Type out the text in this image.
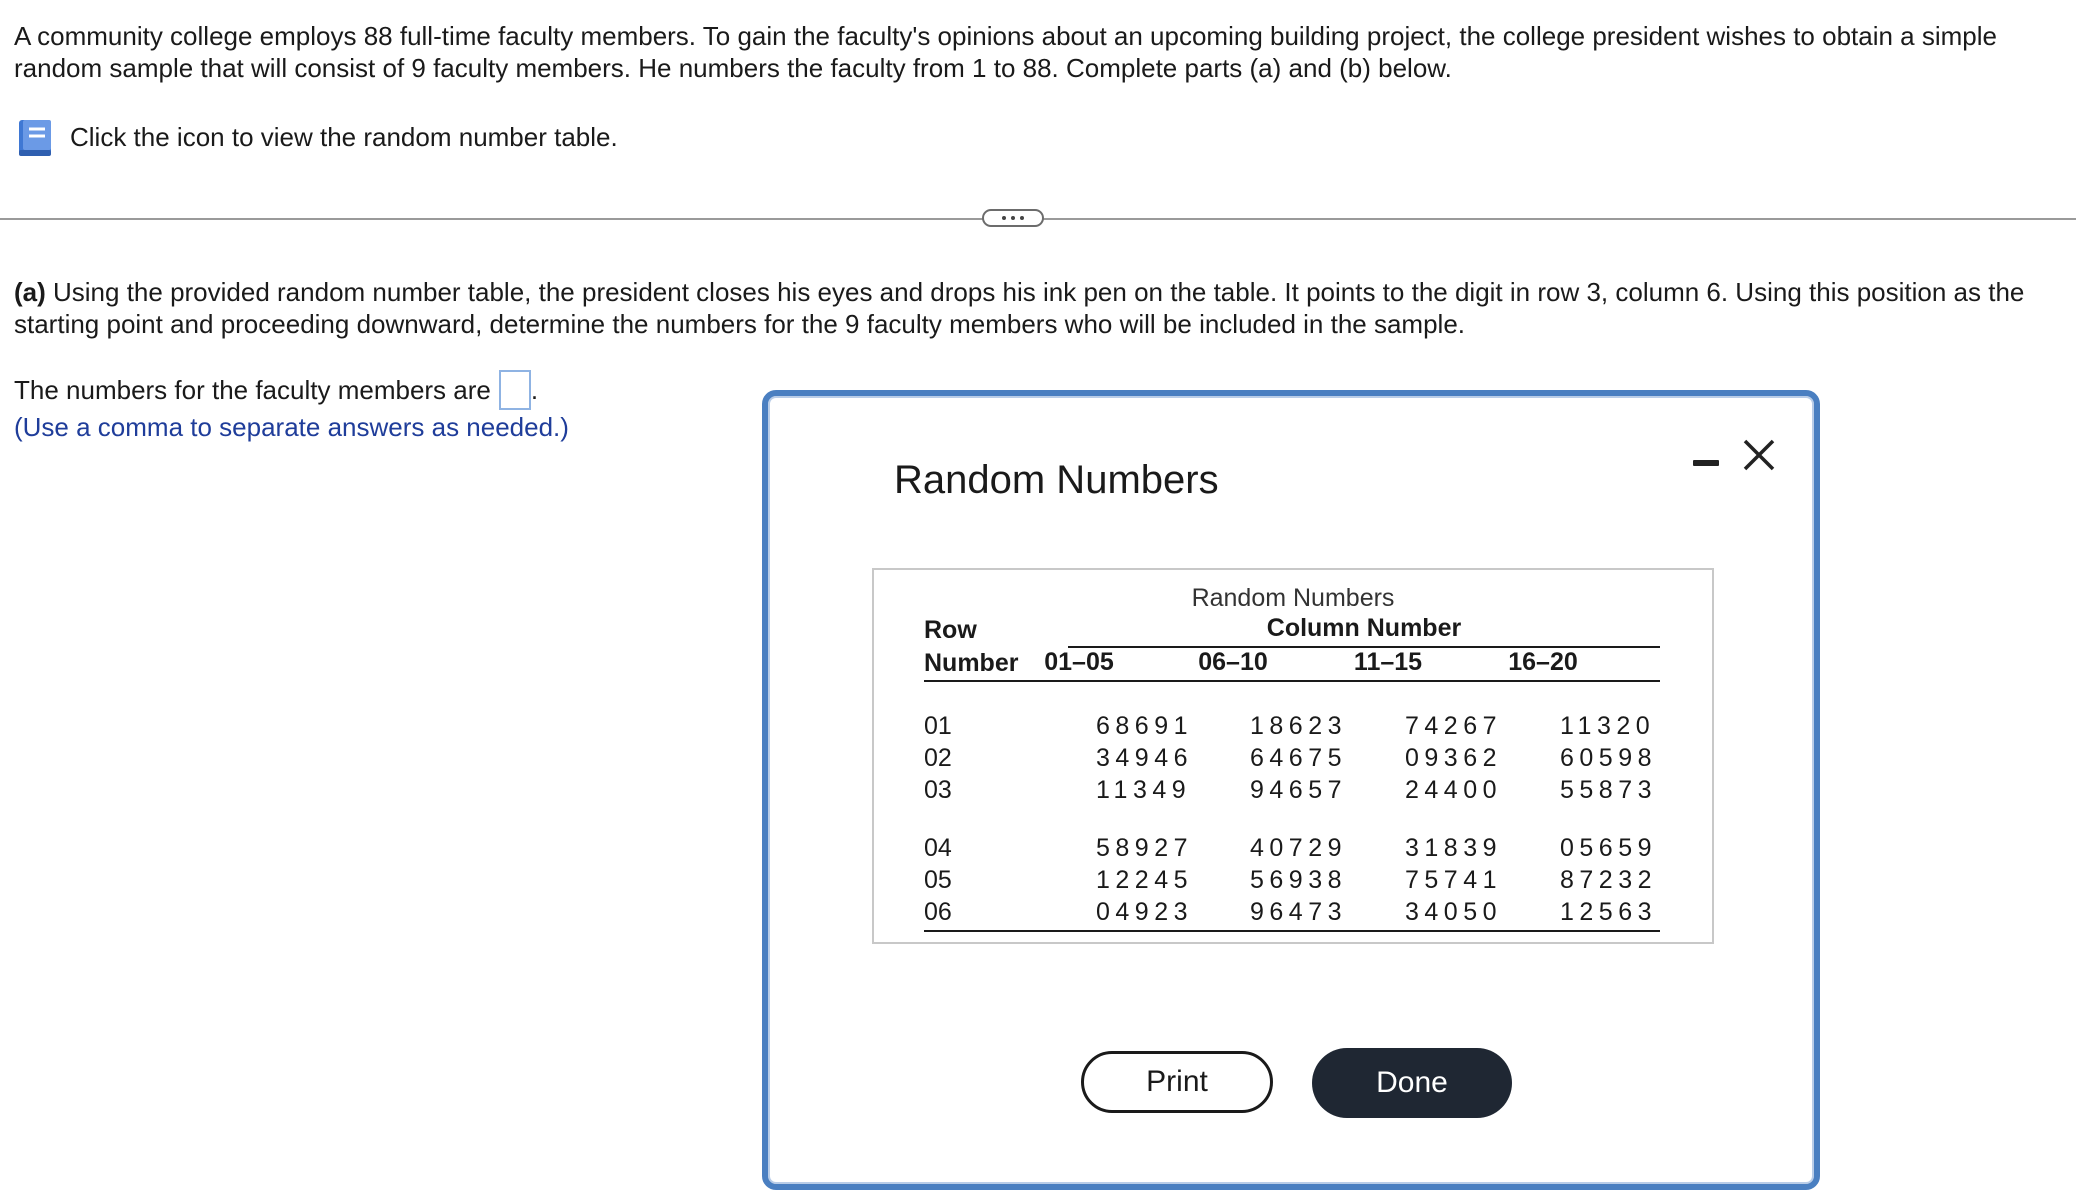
A community college employs 88 full-time faculty members. To gain the faculty's opinions about an upcoming building project, the college president wishes to obtain a simple random sample that will consist of 9 faculty members. He numbers the faculty from 1 to 88. Complete parts (a) and (b) below.
Click the icon to view the random number table.
(a) Using the provided random number table, the president closes his eyes and drops his ink pen on the table. It points to the digit in row 3, column 6. Using this position as the starting point and proceeding downward, determine the numbers for the 9 faculty members who will be included in the sample.
The numbers for the faculty members are .
(Use a comma to separate answers as needed.)
Random Numbers
Random Numbers
Row
Number
Column Number
01–05	06–10	11–15	16–20
01	68691 18623 74267 11320
02	34946 64675 09362 60598
03	11349 94657 24400 55873
04	58927 40729 31839 05659
05	12245 56938 75741 87232
06	04923 96473 34050 12563
Print	Done
